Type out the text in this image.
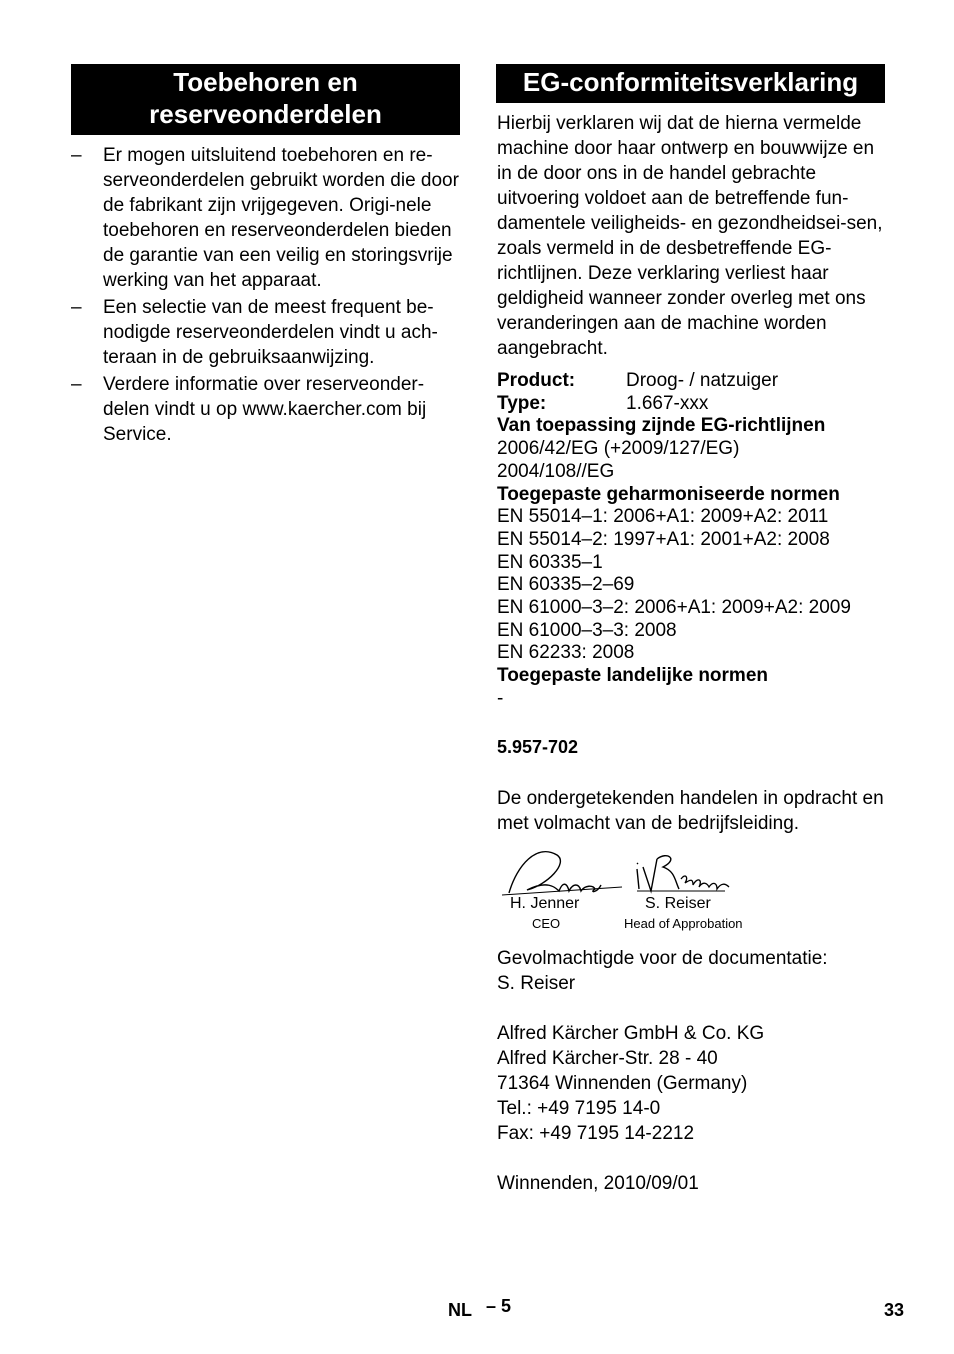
Toebehoren en
reserveonderdelen
– Er mogen uitsluitend toebehoren en re-serveonderdelen gebruikt worden die door de fabrikant zijn vrijgegeven. Origi-nele toebehoren en reserveonderdelen bieden de garantie van een veilig en storingsvrije werking van het apparaat.
– Een selectie van de meest frequent be-nodigde reserveonderdelen vindt u ach-teraan in de gebruiksaanwijzing.
– Verdere informatie over reserveonder-delen vindt u op www.kaercher.com bij Service.
EG-conformiteitsverklaring

Hierbij verklaren wij dat de hierna vermelde machine door haar ontwerp en bouwwijze en in de door ons in de handel gebrachte uitvoering voldoet aan de betreffende fun-damentele veiligheids- en gezondheidsei-sen, zoals vermeld in de desbetreffende EG-richtlijnen. Deze verklaring verliest haar geldigheid wanneer zonder overleg met ons veranderingen aan de machine worden aangebracht.

Product:	Droog- / natzuiger
Type:	1.667-xxx
Van toepassing zijnde EG-richtlijnen
2006/42/EG (+2009/127/EG)
2004/108//EG
Toegepaste geharmoniseerde normen
EN 55014–1: 2006+A1: 2009+A2: 2011
EN 55014–2: 1997+A1: 2001+A2: 2008
EN 60335–1
EN 60335–2–69
EN 61000–3–2: 2006+A1: 2009+A2: 2009
EN 61000–3–3: 2008
EN 62233: 2008
Toegepaste landelijke normen
-
5.957-702

De ondergetekenden handelen in opdracht en met volmacht van de bedrijfsleiding.

H. Jenner
CEO
S. Reiser
Head of Approbation
Gevolmachtigde voor de documentatie:
S. Reiser
Alfred Kärcher GmbH & Co. KG
Alfred Kärcher-Str. 28 - 40
71364 Winnenden (Germany)
Tel.: +49 7195 14-0
Fax: +49 7195 14-2212
Winnenden, 2010/09/01
NL – 5	33
